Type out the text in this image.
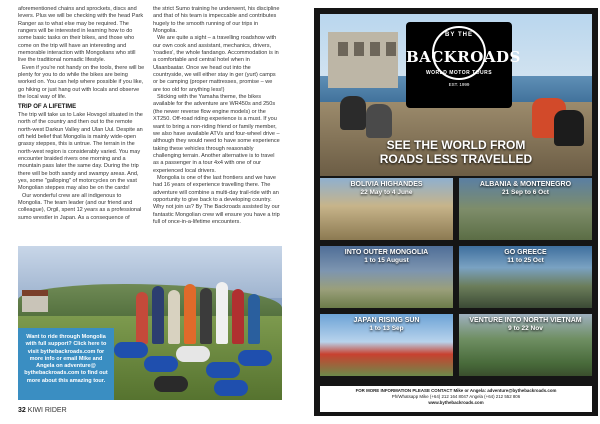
aforementioned chains and sprockets, discs and levers. Plus we will be checking with the head Park Ranger as to what else may be required. The rangers will be interested in learning how to do some basic tasks on their bikes, and those who come on the trip will have an interesting and memorable interaction with Mongolians who still live the traditional nomadic lifestyle.

Even if you're not handy on the tools, there will be plenty for you to do while the bikes are being worked on. You can help where possible if you like, go hiking or just hang out with locals and observe the local way of life.

TRIP OF A LIFETIME

The trip will take us to Lake Hovsgol situated in the north of the country and then out to the remote north-west Darkun Valley and Ulan Uul. Despite an oft held belief that Mongolia is mainly wide-open grassy steppes, this is untrue. The terrain in the north-west region is considerably varied. You may encounter braided rivers one morning and a mountain pass later the same day. During the trip there will be both sandy and swampy areas. And, yes, some "galloping" of motorcycles on the vast Mongolian steppes may also be on the cards!

Our wonderful crew are all indigenous to Mongolia. The team leader (and our friend and colleague), Orgil, spent 12 years as a professional sumo wrestler in Japan. As a consequence of

the strict Sumo training he underwent, his discipline and that of his team is impeccable and contributes hugely to the smooth running of our trips in Mongolia.

We are quite a sight – a travelling roadshow with our own cook and assistant, mechanics, drivers, 'roadies', the whole fandango. Accommodation is in a comfortable and central hotel when in Ulaanbaatar. Once we head out into the countryside, we will either stay in ger (yurt) camps or be camping (proper mattresses, promise – we are too old for anything less!)

Sticking with the Yamaha theme, the bikes available for the adventure are WR450s and 250s (the newer reverse flow engine models) or the XT250. Off-road riding experience is a must. If you want to bring a non-riding friend or family member, we also have available ATVs and four-wheel drive – although they would need to have some experience taking these vehicles through reasonably challenging terrain. Another alternative is to travel as a passenger in a tour 4x4 with one of our experienced local drivers.

Mongolia is one of the last frontiers and we have had 16 years of experience travelling there. The adventure will combine a multi-day trail-ride with an opportunity to give back to a developing country. Why not join us? By The Backroads assisted by our fantastic Mongolian crew will ensure you have a trip full of once-in-a-lifetime encounters.

Want to ride through Mongolia with full support? Click here to visit bythebackroads.com for more info or email Mike and Angela on adventure@ bythebackroads.com to find out more about this amazing tour.
32 KIWI RIDER
BY THE
BACKROADS
WORLD MOTOR TOURS
EST. 1999
SEE THE WORLD FROM
ROADS LESS TRAVELLED
BOLIVIA HIGHANDES
22 May to 4 June
ALBANIA & MONTENEGRO
21 Sep to 6 Oct
INTO OUTER MONGOLIA
1 to 15 August
GO GREECE
11 to 25 Oct
JAPAN RISING SUN
1 to 13 Sep
VENTURE INTO NORTH VIETNAM
9 to 22 Nov
FOR MORE INFORMATION PLEASE CONTACT Mike or Angela: adventure@bythebackroads.com
Ph/Whatsapp Mike (+64) 212 164 8047 Angela (+64) 212 552 806
www.bythebackroads.com
